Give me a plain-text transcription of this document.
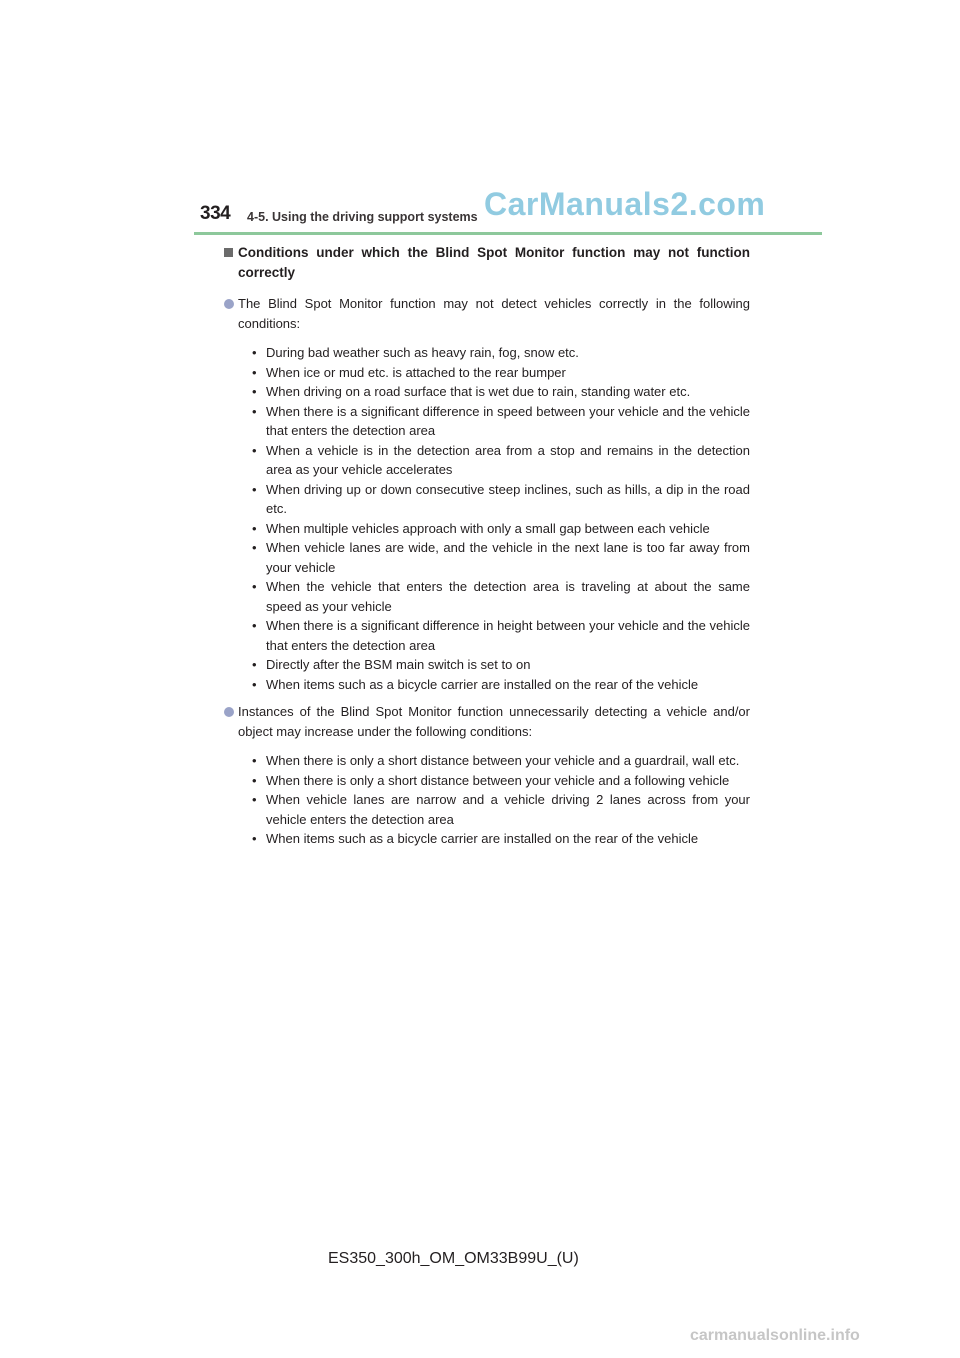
334 4-5. Using the driving support systems CarManuals2.com
Conditions under which the Blind Spot Monitor function may not function correctly

The Blind Spot Monitor function may not detect vehicles correctly in the following conditions:

• During bad weather such as heavy rain, fog, snow etc.
• When ice or mud etc. is attached to the rear bumper
• When driving on a road surface that is wet due to rain, standing water etc.
• When there is a significant difference in speed between your vehicle and the vehicle that enters the detection area
• When a vehicle is in the detection area from a stop and remains in the detection area as your vehicle accelerates
• When driving up or down consecutive steep inclines, such as hills, a dip in the road etc.
• When multiple vehicles approach with only a small gap between each vehicle
• When vehicle lanes are wide, and the vehicle in the next lane is too far away from your vehicle
• When the vehicle that enters the detection area is traveling at about the same speed as your vehicle
• When there is a significant difference in height between your vehicle and the vehicle that enters the detection area
• Directly after the BSM main switch is set to on
• When items such as a bicycle carrier are installed on the rear of the vehicle

Instances of the Blind Spot Monitor function unnecessarily detecting a vehicle and/or object may increase under the following conditions:

• When there is only a short distance between your vehicle and a guardrail, wall etc.
• When there is only a short distance between your vehicle and a following vehicle
• When vehicle lanes are narrow and a vehicle driving 2 lanes across from your vehicle enters the detection area
• When items such as a bicycle carrier are installed on the rear of the vehicle
ES350_300h_OM_OM33B99U_(U)
carmanualsonline.info
